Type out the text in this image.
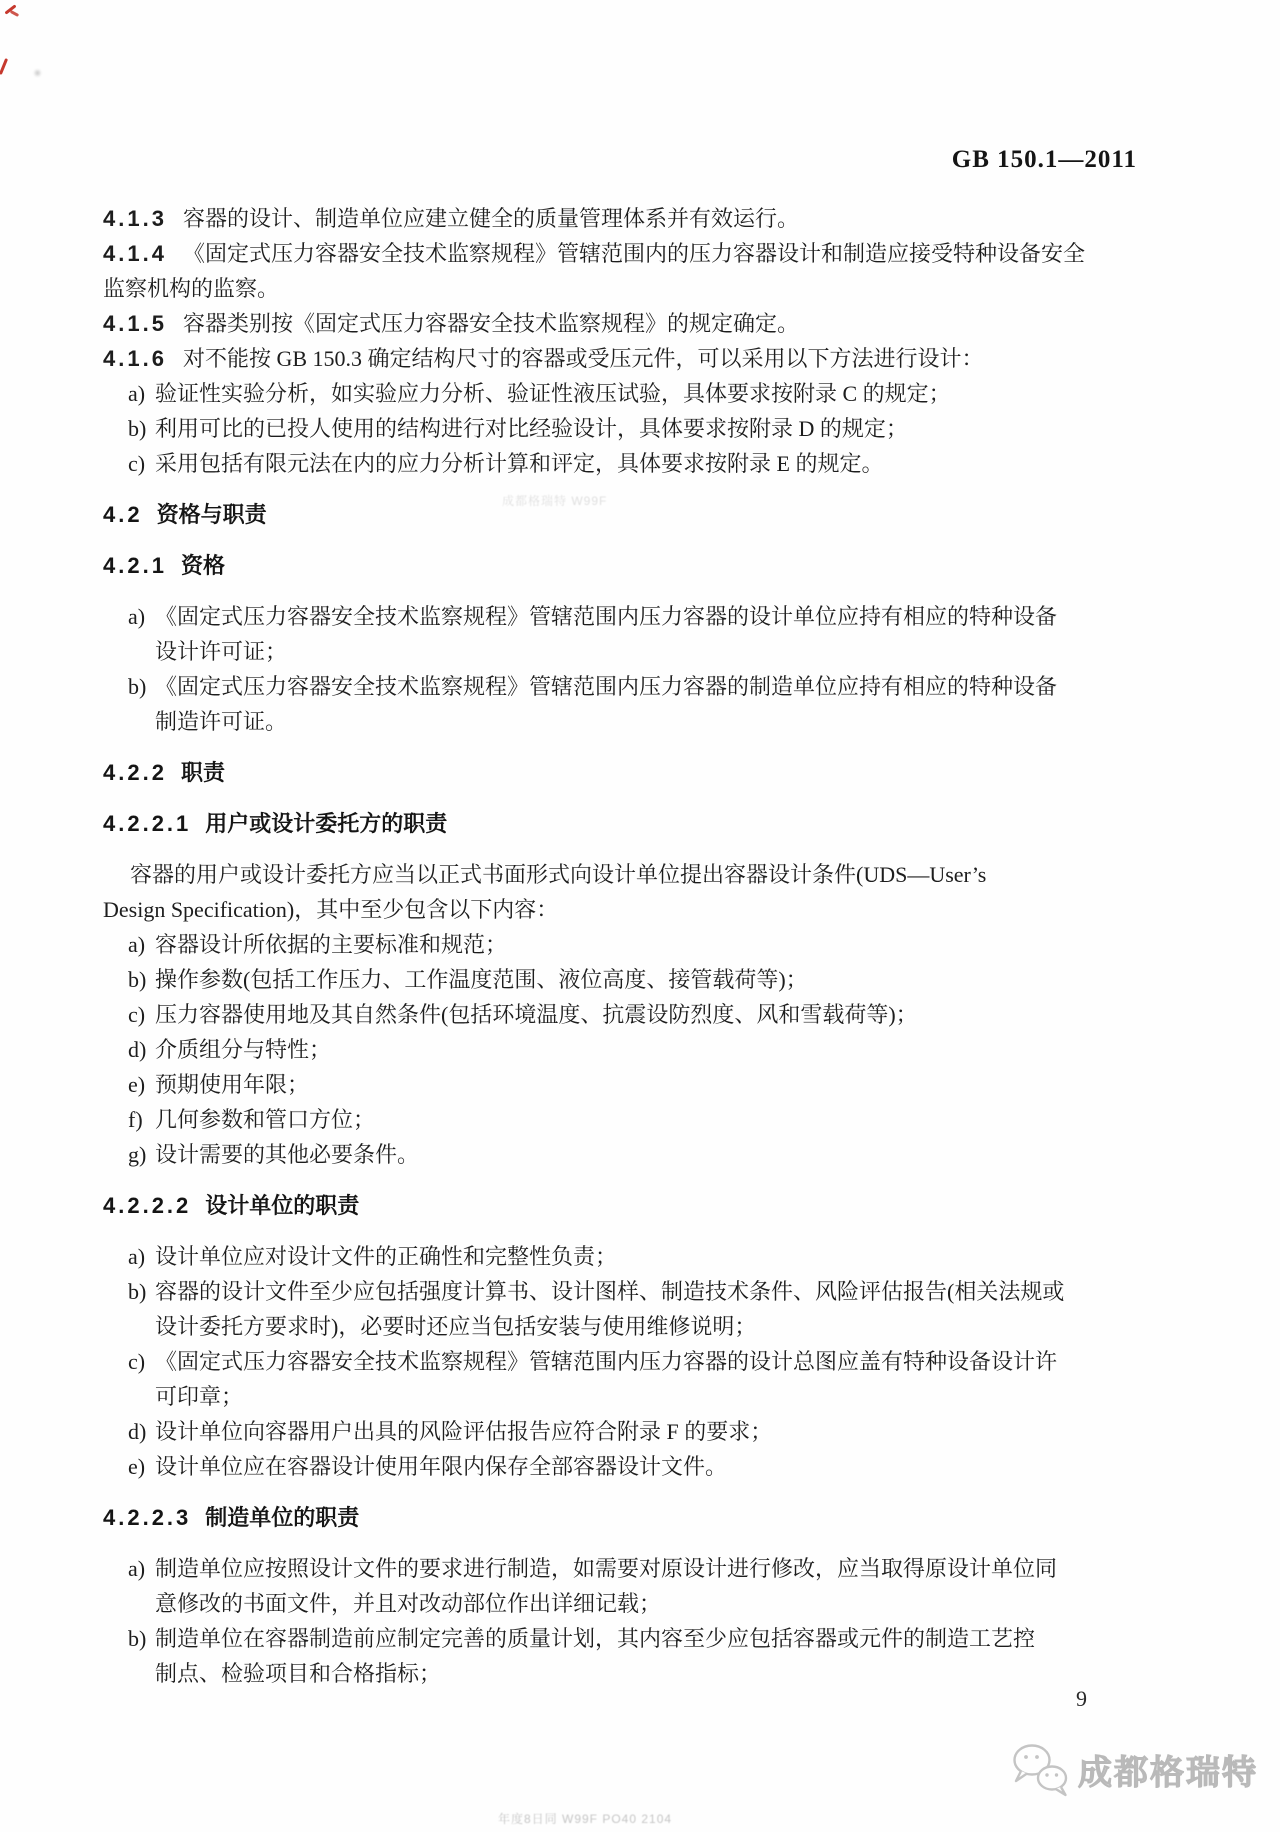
GB 150.1—2011

4.1.3 容器的设计、制造单位应建立健全的质量管理体系并有效运行。

4.1.4 《固定式压力容器安全技术监察规程》管辖范围内的压力容器设计和制造应接受特种设备安全
监察机构的监察。

4.1.5 容器类别按《固定式压力容器安全技术监察规程》的规定确定。

4.1.6 对不能按 GB 150.3 确定结构尺寸的容器或受压元件，可以采用以下方法进行设计：

a) 验证性实验分析，如实验应力分析、验证性液压试验，具体要求按附录 C 的规定；
b) 利用可比的已投人使用的结构进行对比经验设计，具体要求按附录 D 的规定；
c) 采用包括有限元法在内的应力分析计算和评定，具体要求按附录 E 的规定。
4.2 资格与职责
4.2.1 资格
a) 《固定式压力容器安全技术监察规程》管辖范围内压力容器的设计单位应持有相应的特种设备
设计许可证；
b) 《固定式压力容器安全技术监察规程》管辖范围内压力容器的制造单位应持有相应的特种设备
制造许可证。
4.2.2 职责
4.2.2.1 用户或设计委托方的职责

容器的用户或设计委托方应当以正式书面形式向设计单位提出容器设计条件(UDS—User’s
Design Specification)，其中至少包含以下内容：

a) 容器设计所依据的主要标准和规范；
b) 操作参数(包括工作压力、工作温度范围、液位高度、接管载荷等)；
c) 压力容器使用地及其自然条件(包括环境温度、抗震设防烈度、风和雪载荷等)；
d) 介质组分与特性；
e) 预期使用年限；
f) 几何参数和管口方位；
g) 设计需要的其他必要条件。
4.2.2.2 设计单位的职责
a) 设计单位应对设计文件的正确性和完整性负责；
b) 容器的设计文件至少应包括强度计算书、设计图样、制造技术条件、风险评估报告(相关法规或
设计委托方要求时)，必要时还应当包括安装与使用维修说明；
c) 《固定式压力容器安全技术监察规程》管辖范围内压力容器的设计总图应盖有特种设备设计许
可印章；
d) 设计单位向容器用户出具的风险评估报告应符合附录 F 的要求；
e) 设计单位应在容器设计使用年限内保存全部容器设计文件。
4.2.2.3 制造单位的职责
a) 制造单位应按照设计文件的要求进行制造，如需要对原设计进行修改，应当取得原设计单位同
意修改的书面文件，并且对改动部位作出详细记载；
b) 制造单位在容器制造前应制定完善的质量计划，其内容至少应包括容器或元件的制造工艺控
制点、检验项目和合格指标；
成都格瑞特 W99F
9
成都格瑞特
年度8日同 W99F PO40 2104
